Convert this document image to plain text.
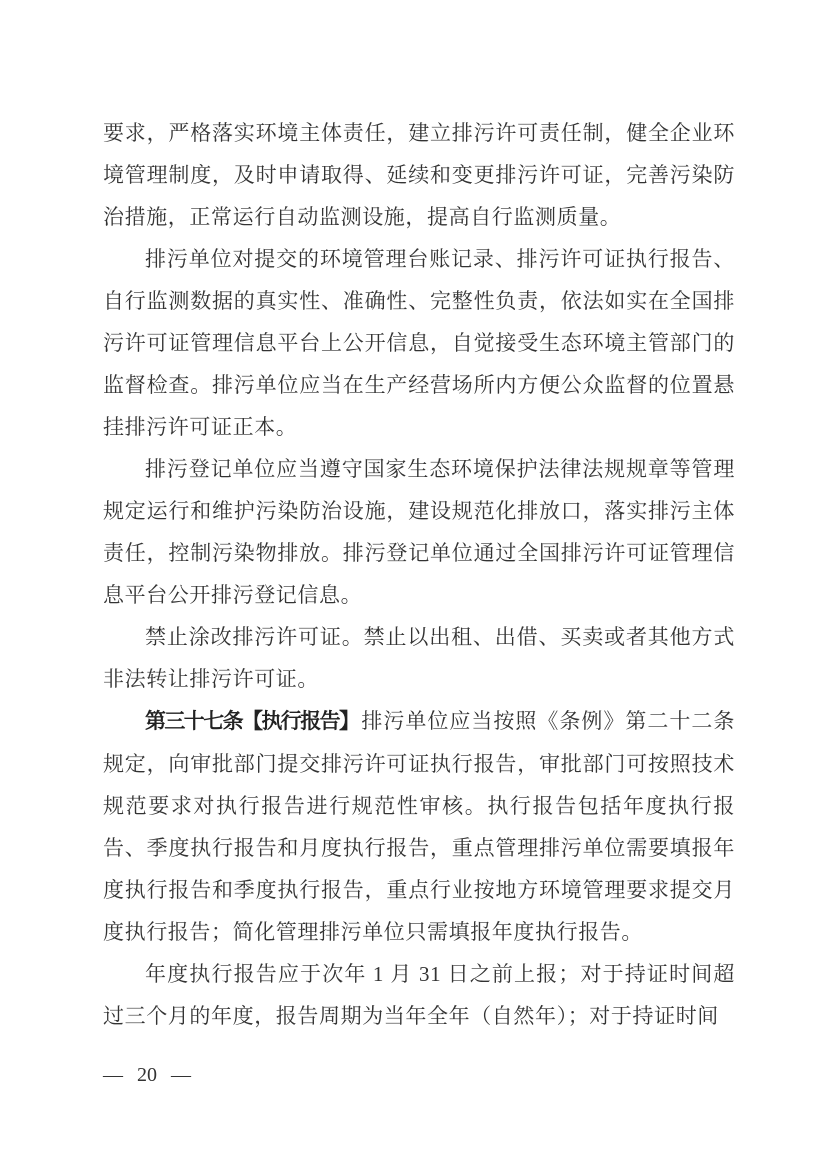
要求，严格落实环境主体责任，建立排污许可责任制，健全企业环境管理制度，及时申请取得、延续和变更排污许可证，完善污染防治措施，正常运行自动监测设施，提高自行监测质量。

排污单位对提交的环境管理台账记录、排污许可证执行报告、自行监测数据的真实性、准确性、完整性负责，依法如实在全国排污许可证管理信息平台上公开信息，自觉接受生态环境主管部门的监督检查。排污单位应当在生产经营场所内方便公众监督的位置悬挂排污许可证正本。

排污登记单位应当遵守国家生态环境保护法律法规规章等管理规定运行和维护污染防治设施，建设规范化排放口，落实排污主体责任，控制污染物排放。排污登记单位通过全国排污许可证管理信息平台公开排污登记信息。

禁止涂改排污许可证。禁止以出租、出借、买卖或者其他方式非法转让排污许可证。

第三十七条【执行报告】 排污单位应当按照《条例》第二十二条规定，向审批部门提交排污许可证执行报告，审批部门可按照技术规范要求对执行报告进行规范性审核。执行报告包括年度执行报告、季度执行报告和月度执行报告，重点管理排污单位需要填报年度执行报告和季度执行报告，重点行业按地方环境管理要求提交月度执行报告；简化管理排污单位只需填报年度执行报告。

年度执行报告应于次年 1 月 31 日之前上报；对于持证时间超过三个月的年度，报告周期为当年全年（自然年）；对于持证时间

— 20 —
